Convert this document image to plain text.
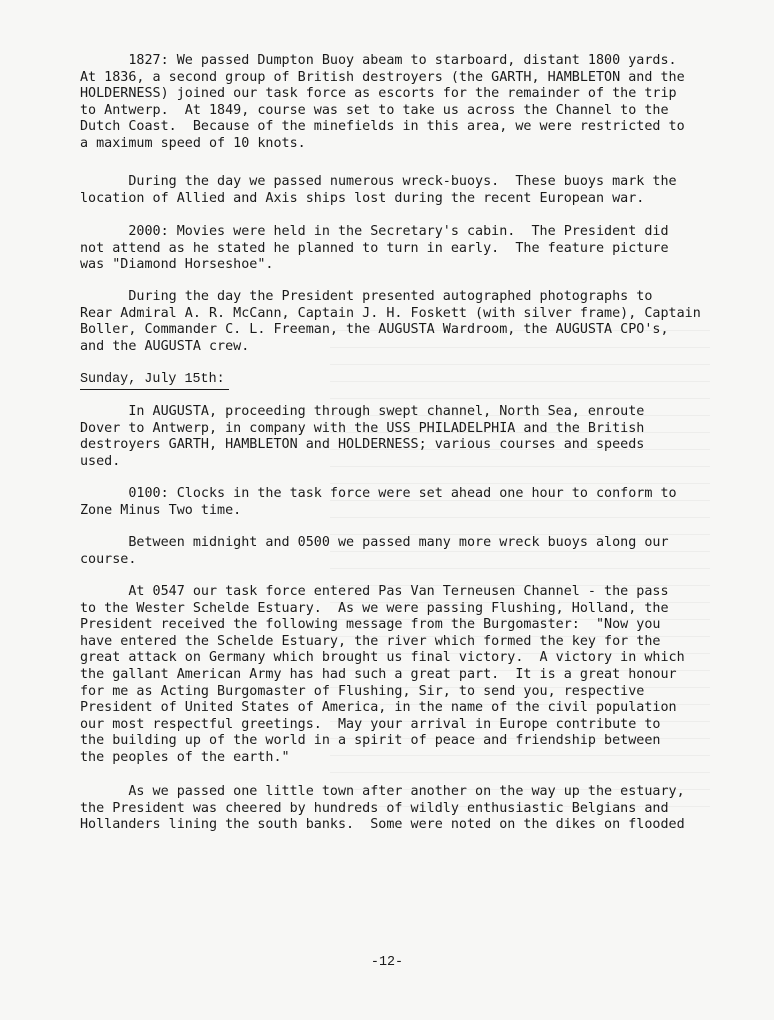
1827: We passed Dumpton Buoy abeam to starboard, distant 1800 yards.
At 1836, a second group of British destroyers (the GARTH, HAMBLETON and the
HOLDERNESS) joined our task force as escorts for the remainder of the trip
to Antwerp.  At 1849, course was set to take us across the Channel to the
Dutch Coast.  Because of the minefields in this area, we were restricted to
a maximum speed of 10 knots.
During the day we passed numerous wreck-buoys.  These buoys mark the
location of Allied and Axis ships lost during the recent European war.
2000: Movies were held in the Secretary's cabin.  The President did
not attend as he stated he planned to turn in early.  The feature picture
was "Diamond Horseshoe".
During the day the President presented autographed photographs to
Rear Admiral A. R. McCann, Captain J. H. Foskett (with silver frame), Captain
Boller, Commander C. L. Freeman, the AUGUSTA Wardroom, the AUGUSTA CPO's,
and the AUGUSTA crew.
Sunday, July 15th:
In AUGUSTA, proceeding through swept channel, North Sea, enroute
Dover to Antwerp, in company with the USS PHILADELPHIA and the British
destroyers GARTH, HAMBLETON and HOLDERNESS; various courses and speeds
used.
0100: Clocks in the task force were set ahead one hour to conform to
Zone Minus Two time.
Between midnight and 0500 we passed many more wreck buoys along our
course.
At 0547 our task force entered Pas Van Terneusen Channel - the pass
to the Wester Schelde Estuary.  As we were passing Flushing, Holland, the
President received the following message from the Burgomaster:  "Now you
have entered the Schelde Estuary, the river which formed the key for the
great attack on Germany which brought us final victory.  A victory in which
the gallant American Army has had such a great part.  It is a great honour
for me as Acting Burgomaster of Flushing, Sir, to send you, respective
President of United States of America, in the name of the civil population
our most respectful greetings.  May your arrival in Europe contribute to
the building up of the world in a spirit of peace and friendship between
the peoples of the earth."
As we passed one little town after another on the way up the estuary,
the President was cheered by hundreds of wildly enthusiastic Belgians and
Hollanders lining the south banks.  Some were noted on the dikes on flooded
-12-
